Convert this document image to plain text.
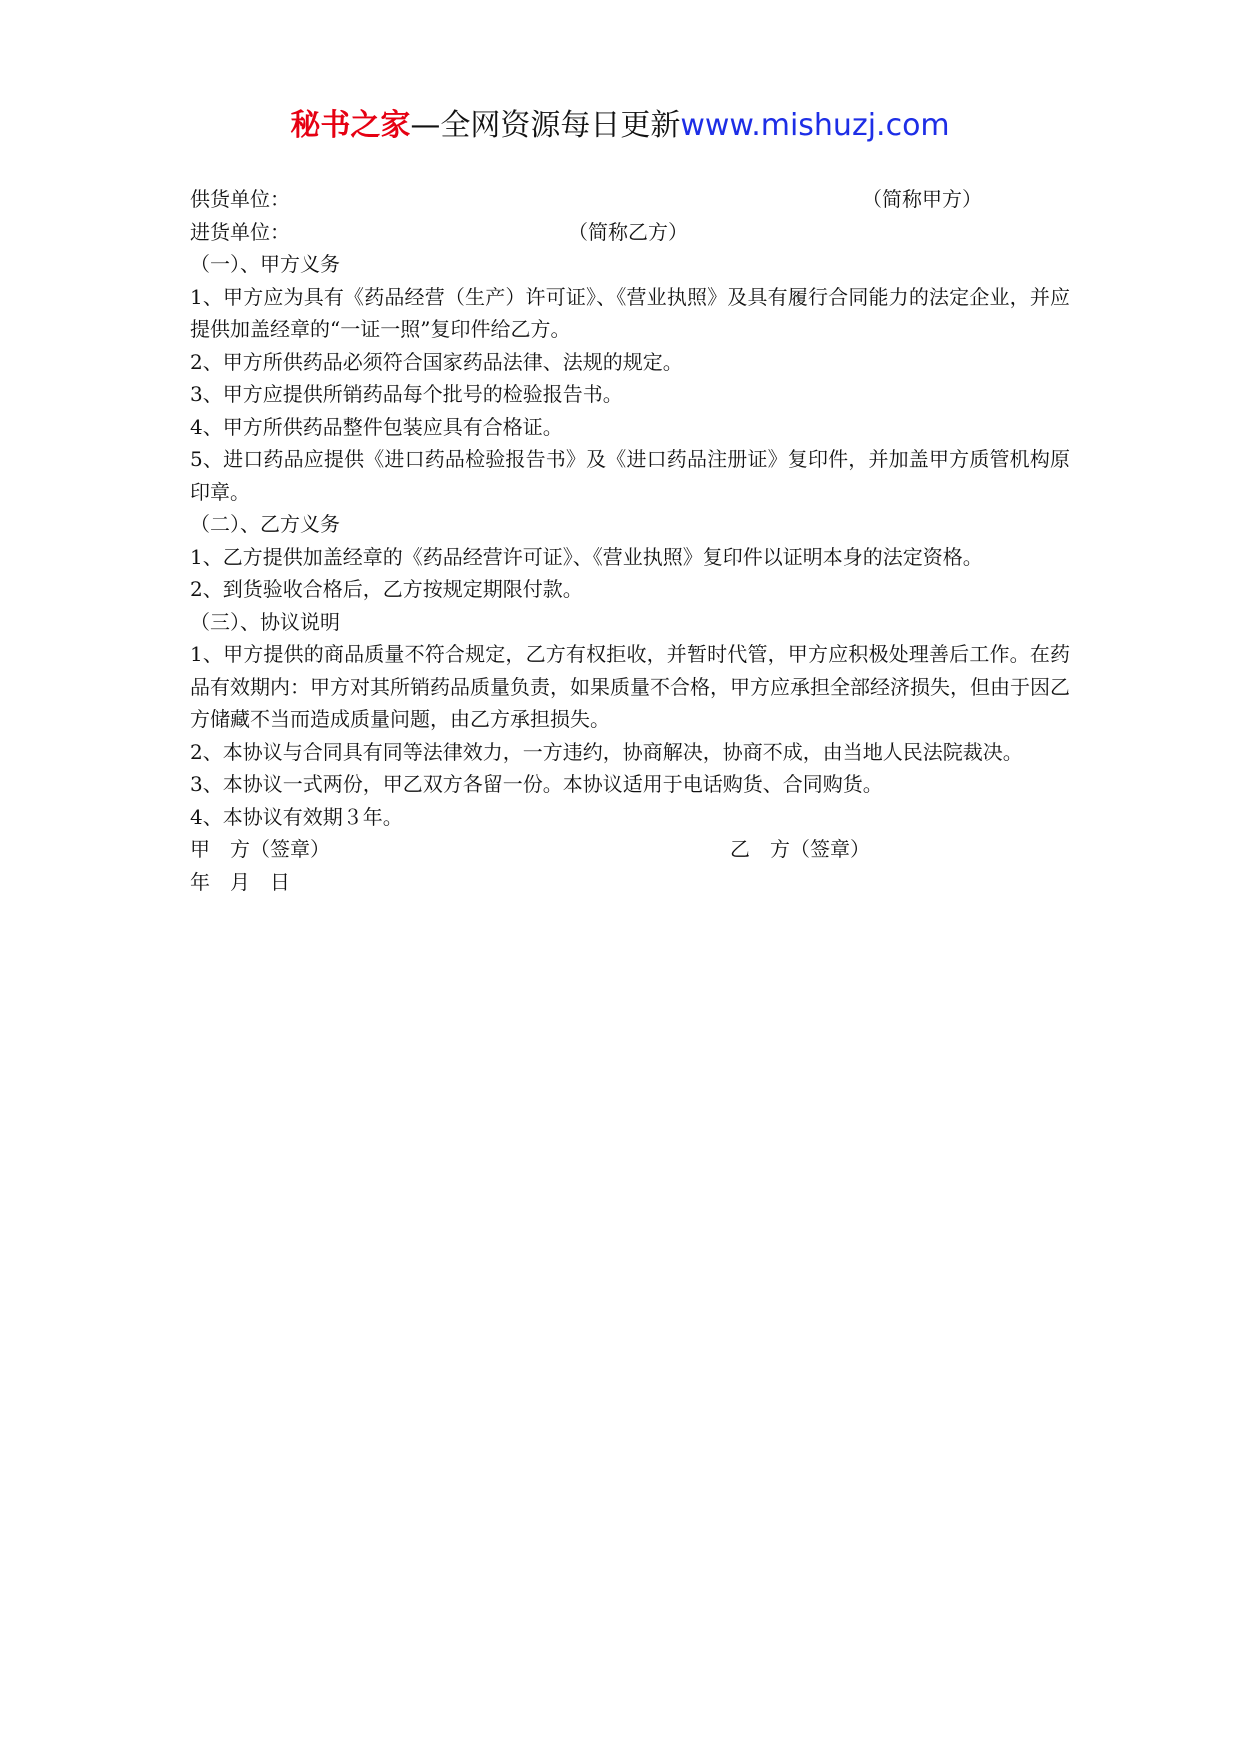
秘书之家—全网资源每日更新www.mishuzj.com
供货单位：	（简称甲方）
进货单位：	（简称乙方）
（一）、甲方义务
1、甲方应为具有《药品经营（生产）许可证》、《营业执照》及具有履行合同能力的法定企业，并应提供加盖经章的“一证一照”复印件给乙方。
2、甲方所供药品必须符合国家药品法律、法规的规定。
3、甲方应提供所销药品每个批号的检验报告书。
4、甲方所供药品整件包装应具有合格证。
5、进口药品应提供《进口药品检验报告书》及《进口药品注册证》复印件，并加盖甲方质管机构原印章。
（二）、乙方义务
1、乙方提供加盖经章的《药品经营许可证》、《营业执照》复印件以证明本身的法定资格。
2、到货验收合格后，乙方按规定期限付款。
（三）、协议说明
1、甲方提供的商品质量不符合规定，乙方有权拒收，并暂时代管，甲方应积极处理善后工作。在药品有效期内：甲方对其所销药品质量负责，如果质量不合格，甲方应承担全部经济损失，但由于因乙方储藏不当而造成质量问题，由乙方承担损失。
2、本协议与合同具有同等法律效力，一方违约，协商解决，协商不成，由当地人民法院裁决。
3、本协议一式两份，甲乙双方各留一份。本协议适用于电话购货、合同购货。
4、本协议有效期３年。
甲　方（签章）	乙　方（签章）
年　月　日
